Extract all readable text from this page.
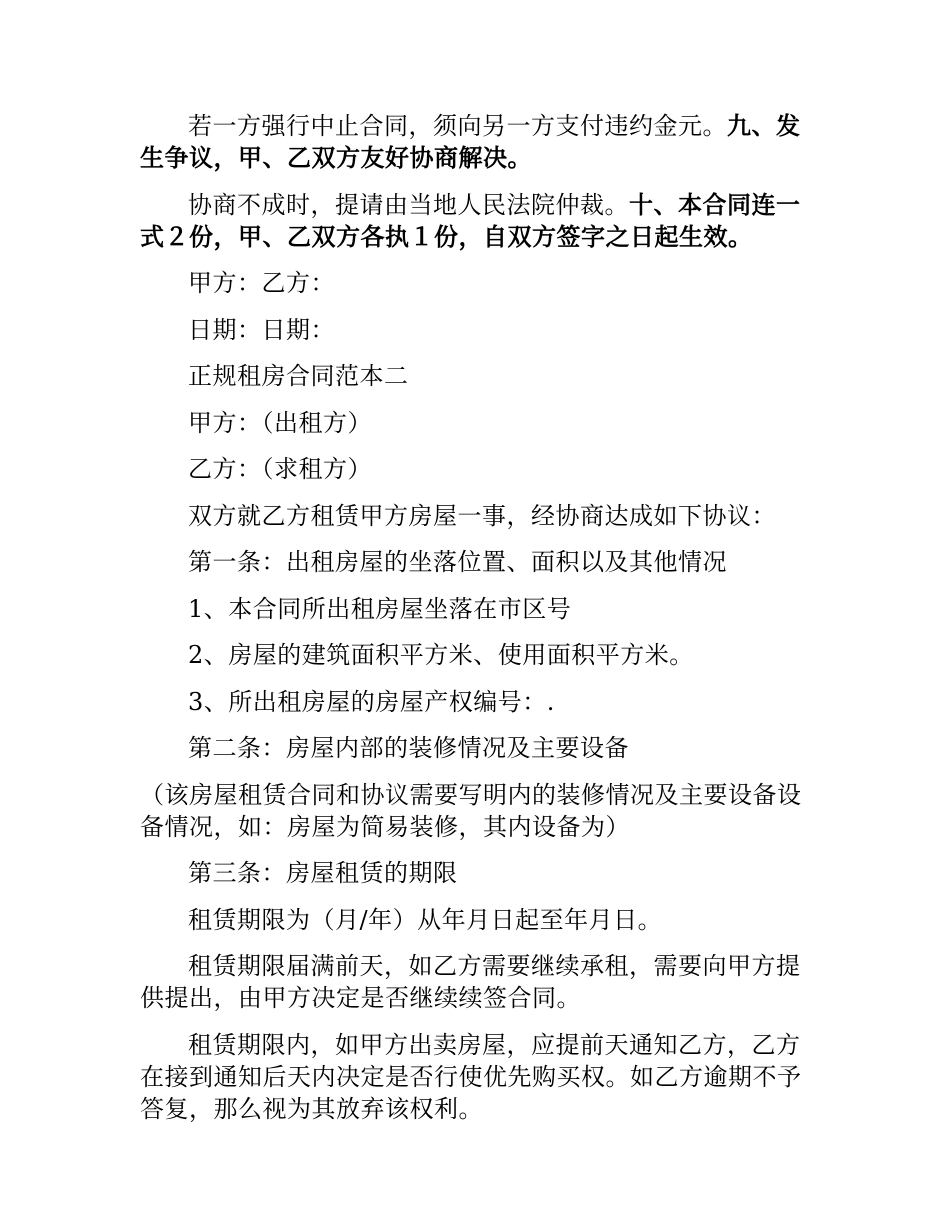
若一方强行中止合同，须向另一方支付违约金元。九、发生争议，甲、乙双方友好协商解决。

协商不成时，提请由当地人民法院仲裁。十、本合同连一式２份，甲、乙双方各执１份，自双方签字之日起生效。

甲方：乙方：

日期：日期：

正规租房合同范本二

甲方：（出租方）

乙方：（求租方）

双方就乙方租赁甲方房屋一事，经协商达成如下协议：

第一条：出租房屋的坐落位置、面积以及其他情况

1、本合同所出租房屋坐落在市区号

2、房屋的建筑面积平方米、使用面积平方米。

3、所出租房屋的房屋产权编号：.

第二条：房屋内部的装修情况及主要设备

（该房屋租赁合同和协议需要写明内的装修情况及主要设备设备情况，如：房屋为简易装修，其内设备为）

第三条：房屋租赁的期限

租赁期限为（月/年）从年月日起至年月日。

租赁期限届满前天，如乙方需要继续承租，需要向甲方提供提出，由甲方决定是否继续续签合同。

租赁期限内，如甲方出卖房屋，应提前天通知乙方，乙方在接到通知后天内决定是否行使优先购买权。如乙方逾期不予答复，那么视为其放弃该权利。
